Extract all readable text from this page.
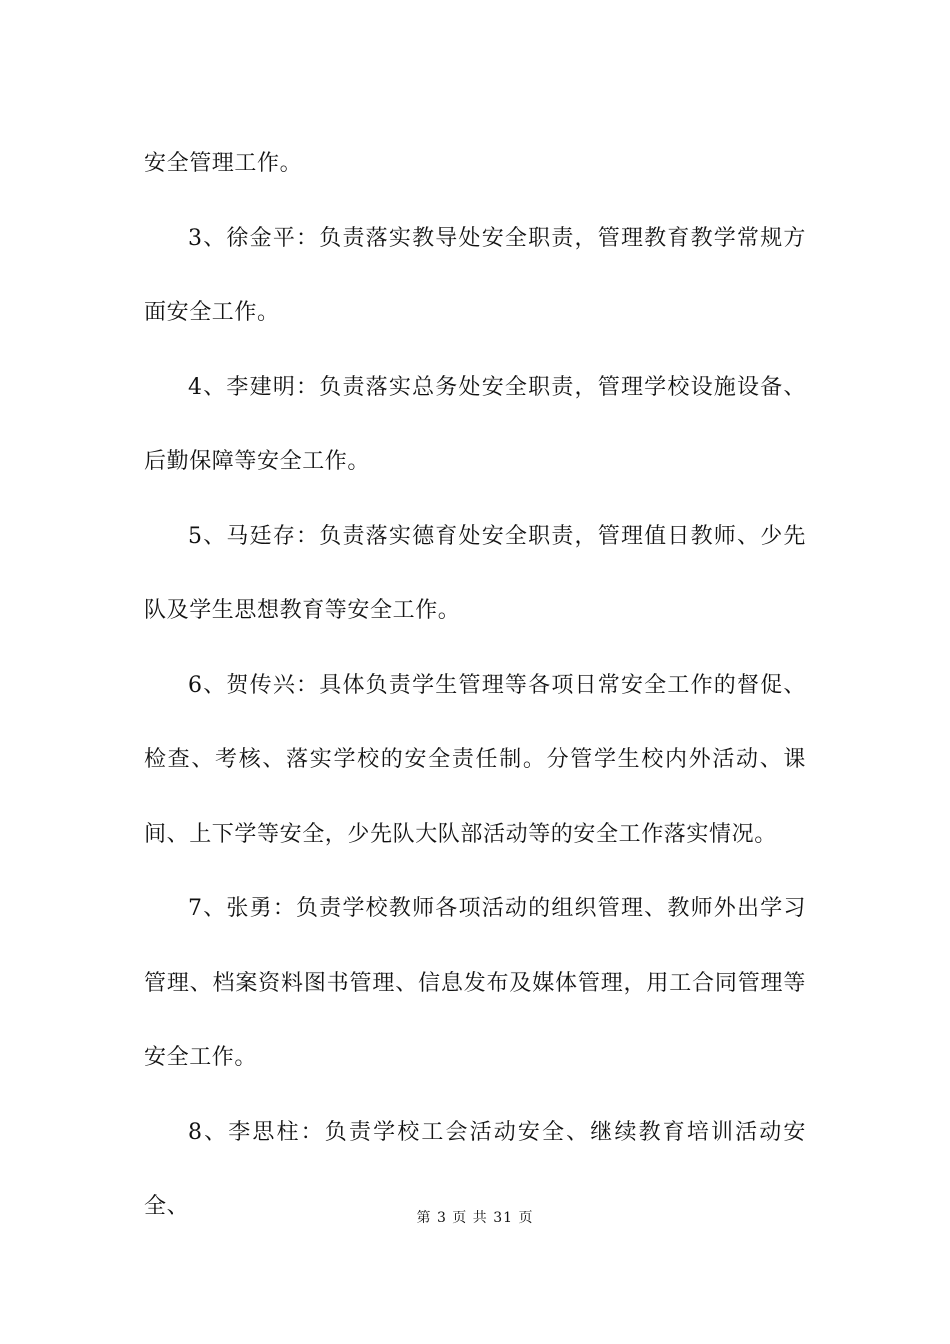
安全管理工作。

3、徐金平：负责落实教导处安全职责，管理教育教学常规方面安全工作。

4、李建明：负责落实总务处安全职责，管理学校设施设备、后勤保障等安全工作。

5、马廷存：负责落实德育处安全职责，管理值日教师、少先队及学生思想教育等安全工作。

6、贺传兴：具体负责学生管理等各项日常安全工作的督促、检查、考核、落实学校的安全责任制。分管学生校内外活动、课间、上下学等安全，少先队大队部活动等的安全工作落实情况。

7、张勇：负责学校教师各项活动的组织管理、教师外出学习管理、档案资料图书管理、信息发布及媒体管理，用工合同管理等安全工作。

8、李思柱：负责学校工会活动安全、继续教育培训活动安全、	第 3 页 共 31 页
